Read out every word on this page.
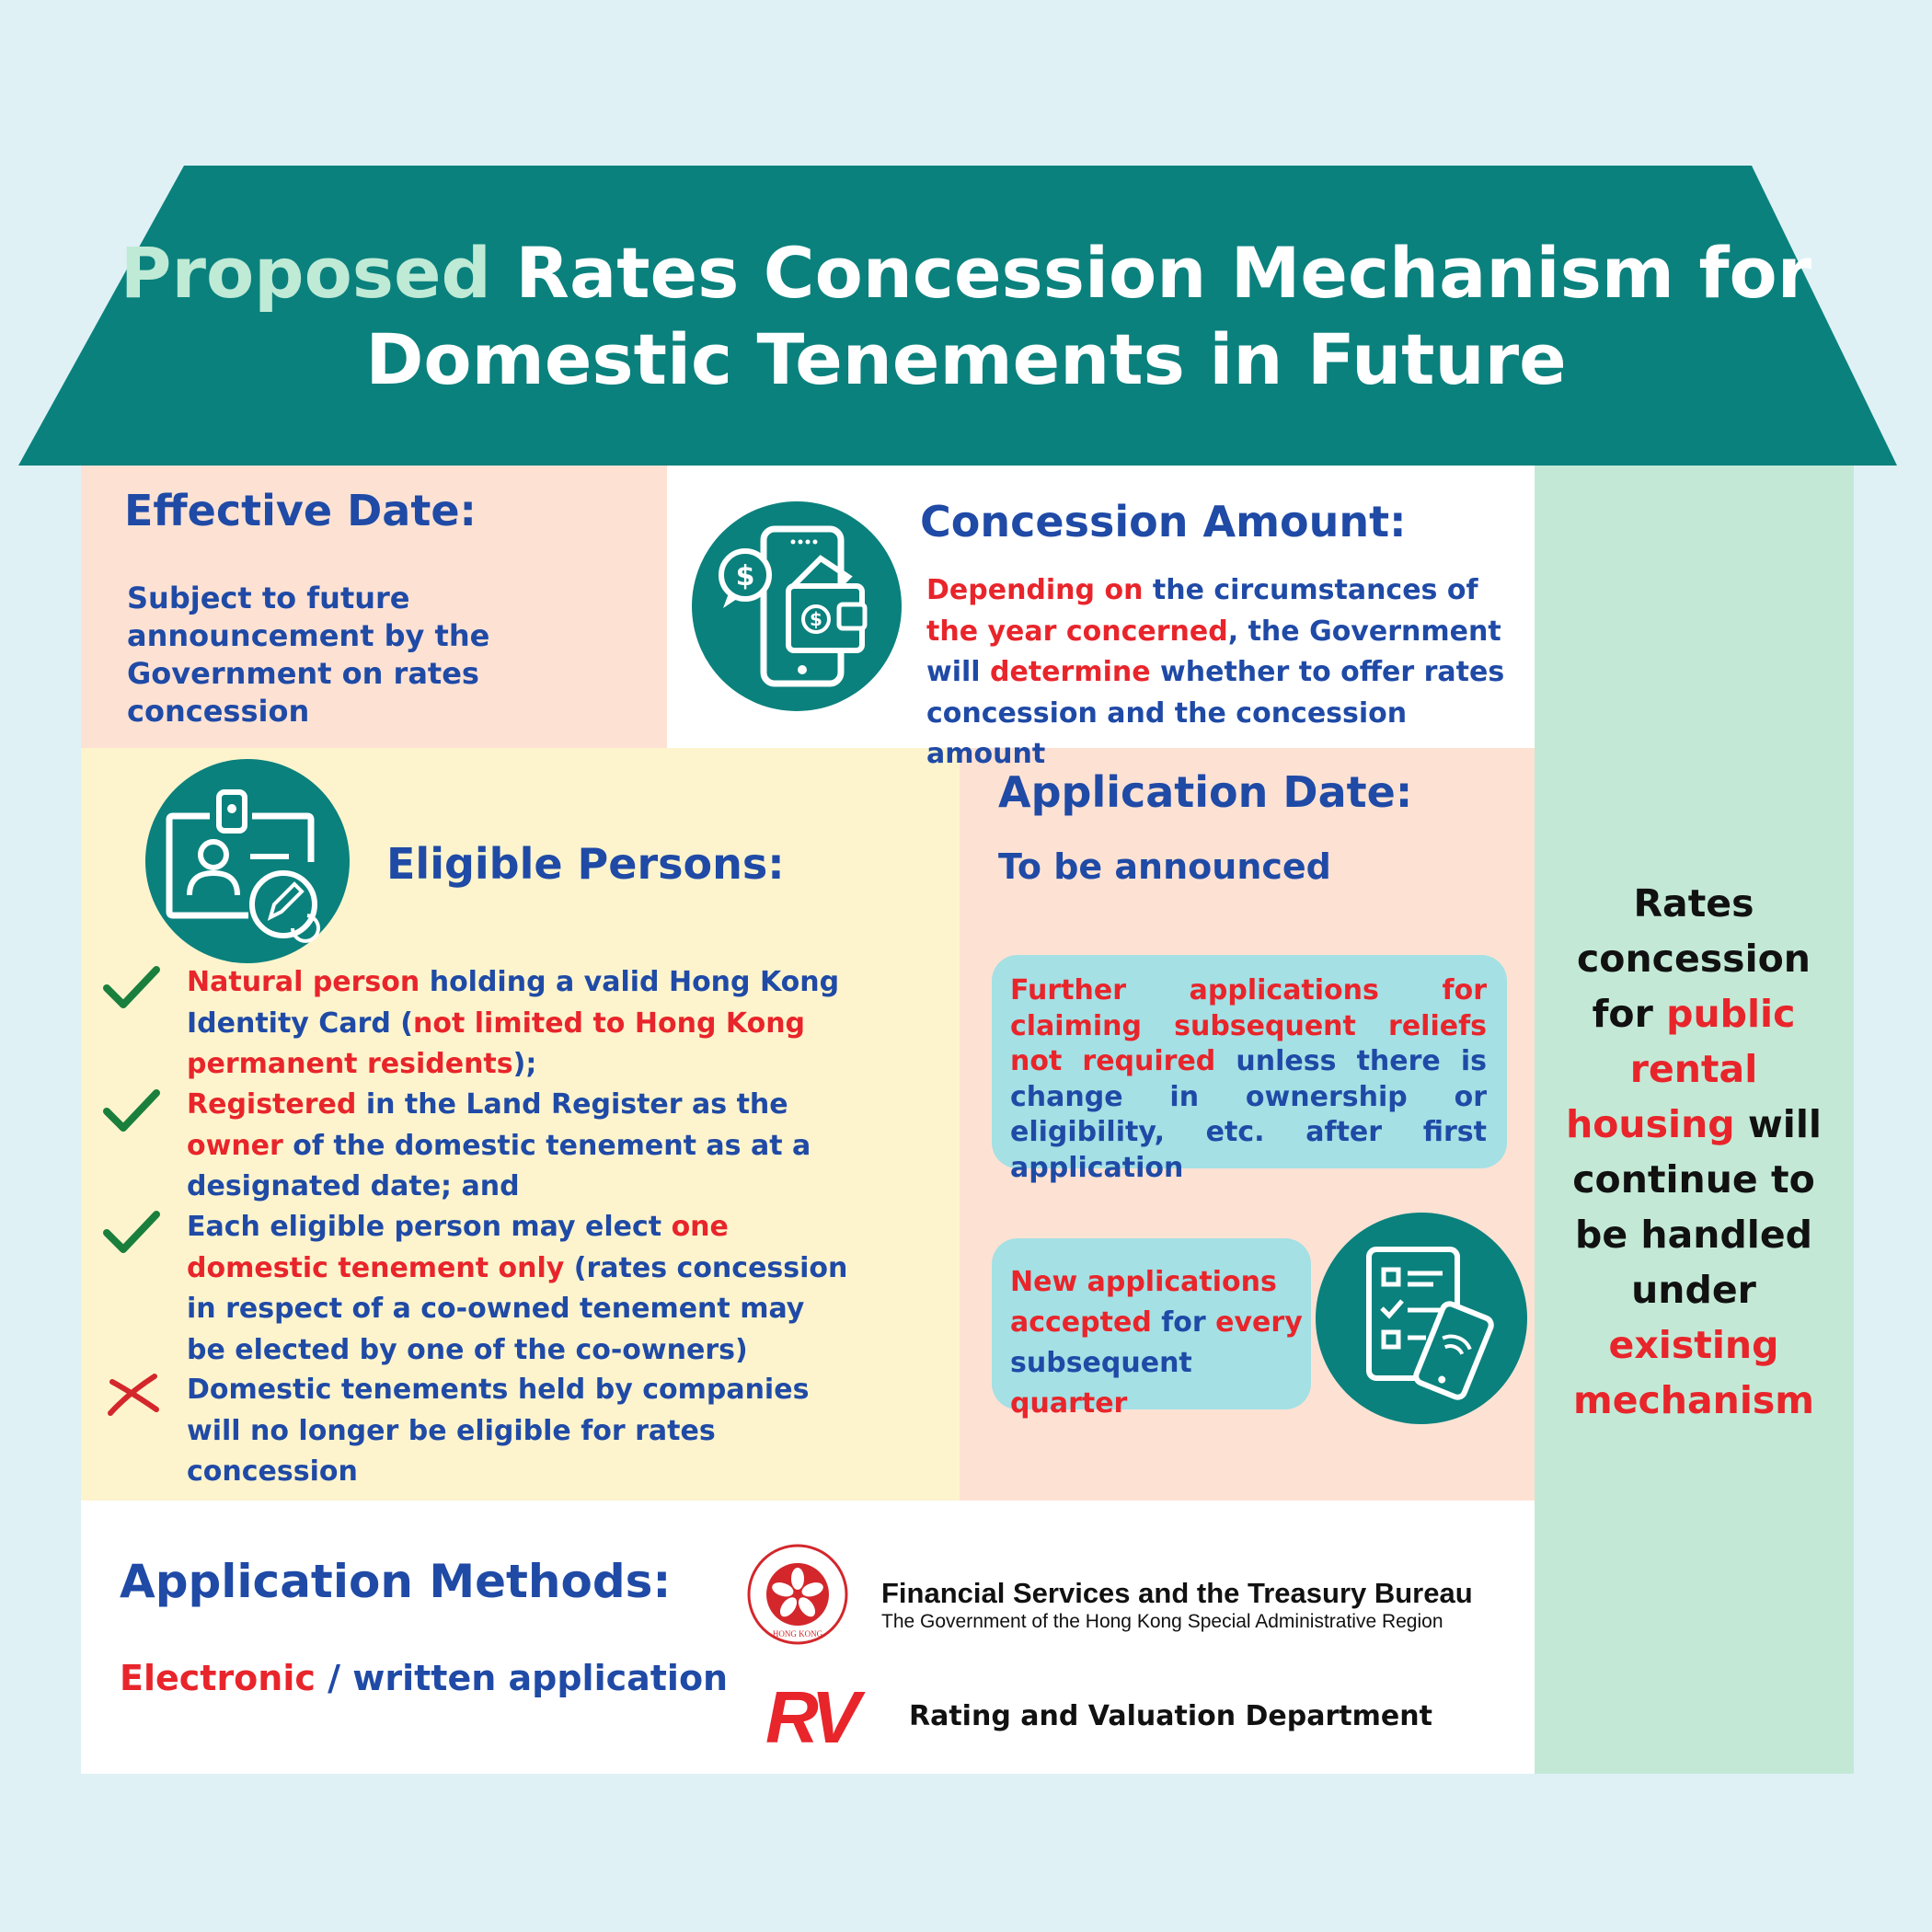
Proposed Rates Concession Mechanism for
Domestic Tenements in Future
Effective Date:
Subject to future announcement by the Government on rates concession
$
$
Concession Amount:
Depending on the circumstances of the year concerned, the Government will determine whether to offer rates concession and the concession amount
Eligible Persons:
Natural person holding a valid Hong Kong Identity Card (not limited to Hong Kong permanent residents);
Registered in the Land Register as the owner of the domestic tenement as at a designated date; and
Each eligible person may elect one domestic tenement only (rates concession in respect of a co-owned tenement may be elected by one of the co-owners)
Domestic tenements held by companies will no longer be eligible for rates concession
Application Date:
To be announced
Further applications for claiming subsequent reliefs not required unless there is change in ownership or eligibility, etc. after first application
New applications accepted for every subsequent quarter
Application Methods:
Electronic / written application
HONG KONG
Financial Services and the Treasury Bureau
The Government of the Hong Kong Special Administrative Region
RV	Rating and Valuation Department
Rates concession for public rental housing will continue to be handled under existing mechanism
